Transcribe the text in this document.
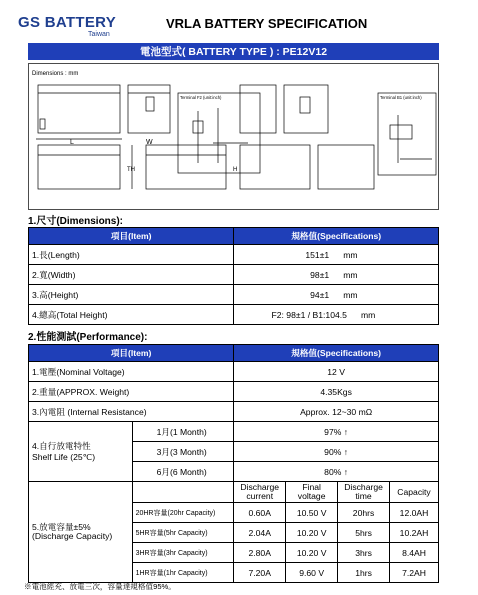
GS BATTERY
Taiwan
VRLA BATTERY SPECIFICATION
電池型式( BATTERY TYPE ) : PE12V12
Dimensions : mm
L	W
TH	H
Terminal F2 (unit:inch)	Terminal B1 (unit:inch)
1.尺寸(Dimensions):
項目(Item)	規格值(Specifications)
1.長(Length)	151±1 mm
2.寬(Width)	98±1 mm
3.高(Height)	94±1 mm
4.總高(Total Height)	F2: 98±1 / B1:104.5 mm
2.性能測試(Performance):
項目(Item)		規格值(Specifications)			
1.電壓(Nominal Voltage)		12 V			
2.重量(APPROX. Weight)		4.35Kgs			
3.內電阻 (Internal Resistance)		Approx. 12~30 mΩ			

4.自行放電特性
Shelf Life (25℃)	1月(1 Month)	97% ↑			
	3月(3 Month)	90% ↑			
	6月(6 Month)	80% ↑			

5.放電容量±5%
(Discharge Capacity)		Discharge current	Final voltage	Discharge time	Capacity
	20HR容量(20hr Capacity)	0.60A	10.50 V	20hrs	12.0AH
	5HR容量(5hr Capacity)	2.04A	10.20 V	5hrs	10.2AH
	3HR容量(3hr Capacity)	2.80A	10.20 V	3hrs	8.4AH
	1HR容量(1hr Capacity)	7.20A	9.60 V	1hrs	7.2AH
※電池經充、放電三次，容量達規格值95%。
